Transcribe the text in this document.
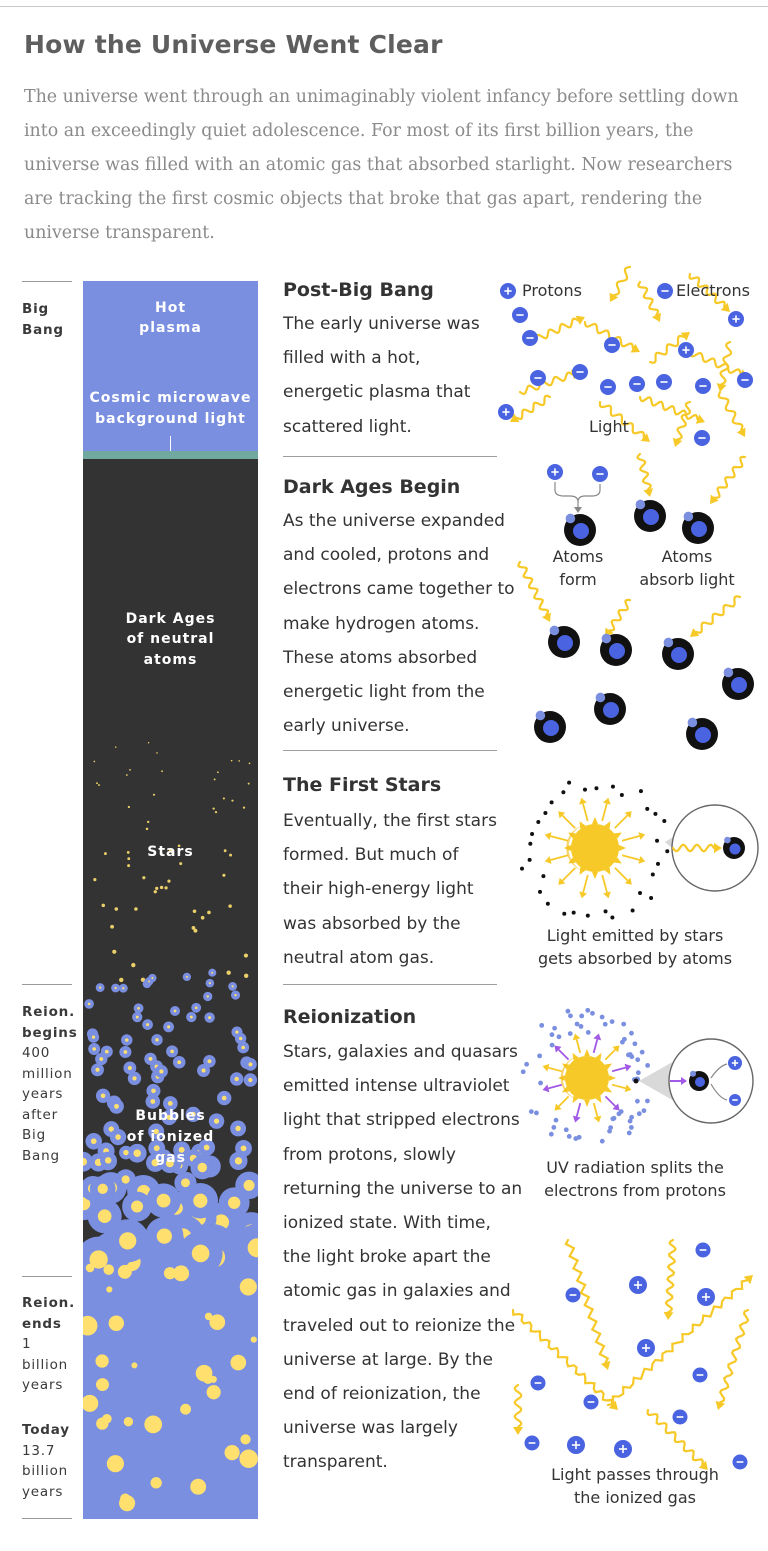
How the Universe Went Clear

The universe went through an unimaginably violent infancy before settling down into an exceedingly quiet adolescence. For most of its first billion years, the universe was filled with an atomic gas that absorbed starlight. Now researchers are tracking the first cosmic objects that broke that gas apart, rendering the universe transparent.

Big
Bang
Reion.
begins
400
million
years
after
Big
Bang
Reion.
ends
1
billion
years
Today
13.7
billion
years
Hot
plasma
Cosmic microwave
background light
Dark Ages
of neutral
atoms
Stars
Bubbles
of ionized
gas
Post-Big Bang

The early universe was filled with a hot, energetic plasma that scattered light.

Dark Ages Begin

As the universe expanded and cooled, protons and electrons came together to make hydrogen atoms. These atoms absorbed energetic light from the early universe.

The First Stars

Eventually, the first stars formed. But much of their high-energy light was absorbed by the neutral atom gas.

Reionization

Stars, galaxies and quasars emitted intense ultraviolet light that stripped electrons from protons, slowly returning the universe to an ionized state. With time, the light broke apart the atomic gas in galaxies and traveled out to reionize the universe at large. By the end of reionization, the universe was largely transparent.

Protons	Electrons
Light
Atoms
form
Atoms
absorb light
Light emitted by stars
gets absorbed by atoms
UV radiation splits the
electrons from protons
Light passes through
the ionized gas
